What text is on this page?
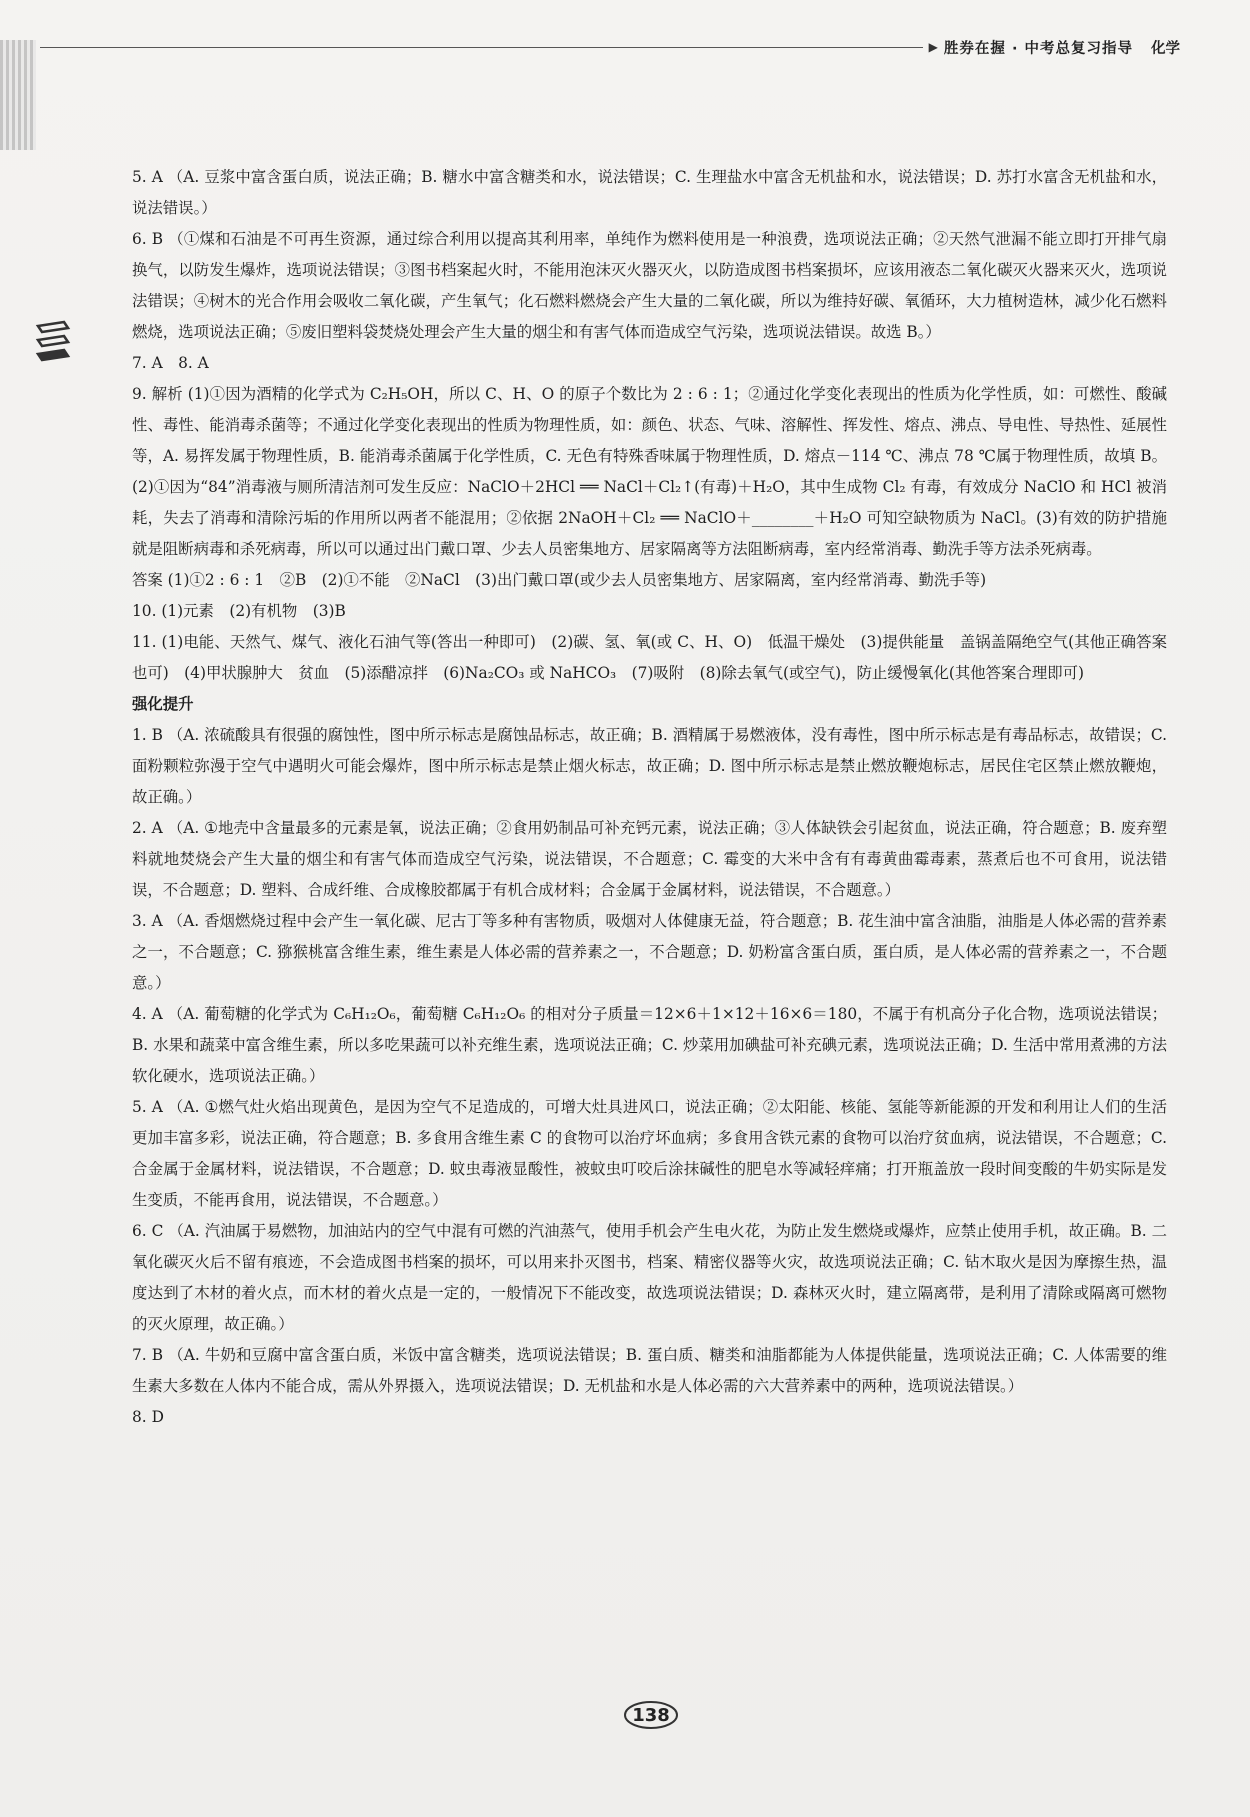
▶ 胜券在握 · 中考总复习指导 化学

5. A （A. 豆浆中富含蛋白质，说法正确；B. 糖水中富含糖类和水，说法错误；C. 生理盐水中富含无机盐和水，说法错误；D. 苏打水富含无机盐和水，说法错误。）

6. B （①煤和石油是不可再生资源，通过综合利用以提高其利用率，单纯作为燃料使用是一种浪费，选项说法正确；②天然气泄漏不能立即打开排气扇换气，以防发生爆炸，选项说法错误；③图书档案起火时，不能用泡沫灭火器灭火，以防造成图书档案损坏，应该用液态二氧化碳灭火器来灭火，选项说法错误；④树木的光合作用会吸收二氧化碳，产生氧气；化石燃料燃烧会产生大量的二氧化碳，所以为维持好碳、氧循环，大力植树造林，减少化石燃料燃烧，选项说法正确；⑤废旧塑料袋焚烧处理会产生大量的烟尘和有害气体而造成空气污染，选项说法错误。故选 B。）

7. A　8. A

9. 解析 (1)①因为酒精的化学式为 C₂H₅OH，所以 C、H、O 的原子个数比为 2 : 6 : 1；②通过化学变化表现出的性质为化学性质，如：可燃性、酸碱性、毒性、能消毒杀菌等；不通过化学变化表现出的性质为物理性质，如：颜色、状态、气味、溶解性、挥发性、熔点、沸点、导电性、导热性、延展性等，A. 易挥发属于物理性质，B. 能消毒杀菌属于化学性质，C. 无色有特殊香味属于物理性质，D. 熔点－114 ℃、沸点 78 ℃属于物理性质，故填 B。(2)①因为“84”消毒液与厕所清洁剂可发生反应：NaClO＋2HCl ══ NaCl＋Cl₂↑(有毒)＋H₂O，其中生成物 Cl₂ 有毒，有效成分 NaClO 和 HCl 被消耗，失去了消毒和清除污垢的作用所以两者不能混用；②依据 2NaOH＋Cl₂ ══ NaClO＋________＋H₂O 可知空缺物质为 NaCl。(3)有效的防护措施就是阻断病毒和杀死病毒，所以可以通过出门戴口罩、少去人员密集地方、居家隔离等方法阻断病毒，室内经常消毒、勤洗手等方法杀死病毒。

答案 (1)①2 : 6 : 1　②B　(2)①不能　②NaCl　(3)出门戴口罩(或少去人员密集地方、居家隔离，室内经常消毒、勤洗手等)

10. (1)元素　(2)有机物　(3)B

11. (1)电能、天然气、煤气、液化石油气等(答出一种即可)　(2)碳、氢、氧(或 C、H、O)　低温干燥处　(3)提供能量　盖锅盖隔绝空气(其他正确答案也可)　(4)甲状腺肿大　贫血　(5)添醋凉拌　(6)Na₂CO₃ 或 NaHCO₃　(7)吸附　(8)除去氧气(或空气)，防止缓慢氧化(其他答案合理即可)

强化提升

1. B （A. 浓硫酸具有很强的腐蚀性，图中所示标志是腐蚀品标志，故正确；B. 酒精属于易燃液体，没有毒性，图中所示标志是有毒品标志，故错误；C. 面粉颗粒弥漫于空气中遇明火可能会爆炸，图中所示标志是禁止烟火标志，故正确；D. 图中所示标志是禁止燃放鞭炮标志，居民住宅区禁止燃放鞭炮，故正确。）

2. A （A. ①地壳中含量最多的元素是氧，说法正确；②食用奶制品可补充钙元素，说法正确；③人体缺铁会引起贫血，说法正确，符合题意；B. 废弃塑料就地焚烧会产生大量的烟尘和有害气体而造成空气污染，说法错误，不合题意；C. 霉变的大米中含有有毒黄曲霉毒素，蒸煮后也不可食用，说法错误，不合题意；D. 塑料、合成纤维、合成橡胶都属于有机合成材料；合金属于金属材料，说法错误，不合题意。）

3. A （A. 香烟燃烧过程中会产生一氧化碳、尼古丁等多种有害物质，吸烟对人体健康无益，符合题意；B. 花生油中富含油脂，油脂是人体必需的营养素之一，不合题意；C. 猕猴桃富含维生素，维生素是人体必需的营养素之一，不合题意；D. 奶粉富含蛋白质，蛋白质，是人体必需的营养素之一，不合题意。）

4. A （A. 葡萄糖的化学式为 C₆H₁₂O₆，葡萄糖 C₆H₁₂O₆ 的相对分子质量＝12×6＋1×12＋16×6＝180，不属于有机高分子化合物，选项说法错误；B. 水果和蔬菜中富含维生素，所以多吃果蔬可以补充维生素，选项说法正确；C. 炒菜用加碘盐可补充碘元素，选项说法正确；D. 生活中常用煮沸的方法软化硬水，选项说法正确。）

5. A （A. ①燃气灶火焰出现黄色，是因为空气不足造成的，可增大灶具进风口，说法正确；②太阳能、核能、氢能等新能源的开发和利用让人们的生活更加丰富多彩，说法正确，符合题意；B. 多食用含维生素 C 的食物可以治疗坏血病；多食用含铁元素的食物可以治疗贫血病，说法错误，不合题意；C. 合金属于金属材料，说法错误，不合题意；D. 蚊虫毒液显酸性，被蚊虫叮咬后涂抹碱性的肥皂水等减轻痒痛；打开瓶盖放一段时间变酸的牛奶实际是发生变质，不能再食用，说法错误，不合题意。）

6. C （A. 汽油属于易燃物，加油站内的空气中混有可燃的汽油蒸气，使用手机会产生电火花，为防止发生燃烧或爆炸，应禁止使用手机，故正确。B. 二氧化碳灭火后不留有痕迹，不会造成图书档案的损坏，可以用来扑灭图书，档案、精密仪器等火灾，故选项说法正确；C. 钻木取火是因为摩擦生热，温度达到了木材的着火点，而木材的着火点是一定的，一般情况下不能改变，故选项说法错误；D. 森林灭火时，建立隔离带，是利用了清除或隔离可燃物的灭火原理，故正确。）

7. B （A. 牛奶和豆腐中富含蛋白质，米饭中富含糖类，选项说法错误；B. 蛋白质、糖类和油脂都能为人体提供能量，选项说法正确；C. 人体需要的维生素大多数在人体内不能合成，需从外界摄入，选项说法错误；D. 无机盐和水是人体必需的六大营养素中的两种，选项说法错误。）

8. D

138
